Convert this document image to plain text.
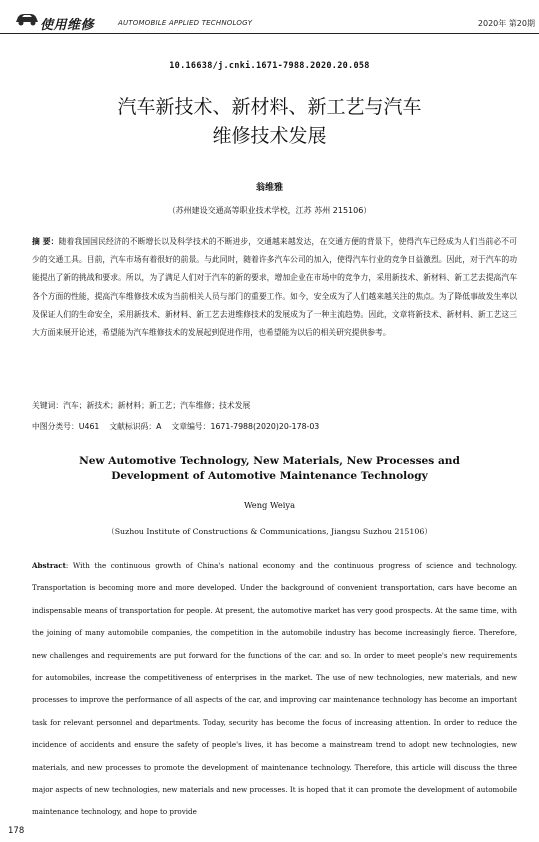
使用维修	AUTOMOBILE APPLIED TECHNOLOGY	2020年 第20期
10.16638/j.cnki.1671-7988.2020.20.058
汽车新技术、新材料、新工艺与汽车
维修技术发展
翁维雅
（苏州建设交通高等职业技术学校，江苏 苏州 215106）
摘 要：随着我国国民经济的不断增长以及科学技术的不断进步，交通越来越发达，在交通方便的背景下，使得汽车已经成为人们当前必不可少的交通工具。目前，汽车市场有着很好的前景。与此同时，随着许多汽车公司的加入，使得汽车行业的竞争日益激烈。因此，对于汽车的功能提出了新的挑战和要求。所以，为了满足人们对于汽车的新的要求，增加企业在市场中的竞争力，采用新技术、新材料、新工艺去提高汽车各个方面的性能，提高汽车维修技术成为当前相关人员与部门的重要工作。如今，安全成为了人们越来越关注的焦点。为了降低事故发生率以及保证人们的生命安全，采用新技术、新材料、新工艺去进维修技术的发展成为了一种主流趋势。因此，文章将新技术、新材料、新工艺这三大方面来展开论述，希望能为汽车维修技术的发展起到促进作用，也希望能为以后的相关研究提供参考。
关键词：汽车；新技术；新材料；新工艺；汽车维修；技术发展
中图分类号：U461 文献标识码：A 文章编号：1671-7988(2020)20-178-03
New Automotive Technology, New Materials, New Processes and Development of Automotive Maintenance Technology
Weng Weiya
（Suzhou Institute of Constructions & Communications, Jiangsu Suzhou 215106）
Abstract: With the continuous growth of China's national economy and the continuous progress of science and technology. Transportation is becoming more and more developed. Under the background of convenient transportation, cars have become an indispensable means of transportation for people. At present, the automotive market has very good prospects. At the same time, with the joining of many automobile companies, the competition in the automobile industry has become increasingly fierce. Therefore, new challenges and requirements are put forward for the functions of the car. and so. In order to meet people's new requirements for automobiles, increase the competitiveness of enterprises in the market. The use of new technologies, new materials, and new processes to improve the performance of all aspects of the car, and improving car maintenance technology has become an important task for relevant personnel and departments. Today, security has become the focus of increasing attention. In order to reduce the incidence of accidents and ensure the safety of people's lives, it has become a mainstream trend to adopt new technologies, new materials, and new processes to promote the development of maintenance technology. Therefore, this article will discuss the three major aspects of new technologies, new materials and new processes. It is hoped that it can promote the development of automobile maintenance technology, and hope to provide
178
